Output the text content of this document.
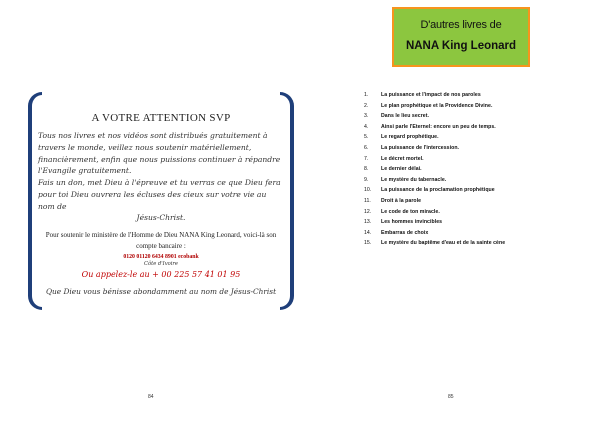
A VOTRE ATTENTION SVP
Tous nos livres et nos vidéos sont distribués gratuitement à travers le monde, veillez nous soutenir matériellement, financièrement, enfin que nous puissions continuer à répandre l'Evangile gratuitement.
Fais un don, met Dieu à l'épreuve et tu verras ce que Dieu fera pour toi Dieu ouvrera les écluses des cieux sur votre vie au nom de
Jésus-Christ.
Pour soutenir le ministère de l'Homme de Dieu NANA King Leonard, voici-là son compte bancaire :
0120 01120 6434 8901 ecobank
Côte d'Ivoire
Ou appelez-le au + 00 225 57 41 01 95
Que Dieu vous bénisse abondamment au nom de Jésus-Christ
84
D'autres livres de
NANA King Leonard
1.	La puissance et l'impact de nos paroles
2.	Le plan prophétique et la Providence Divine.
3.	Dans le lieu secret.
4.	Ainsi parle l'Eternel: encore un peu de temps.
5.	Le regard prophétique.
6.	La puissance de l'intercession.
7.	Le décret mortel.
8.	Le dernier délai.
9.	Le mystère du tabernacle.
10.	La puissance de la proclamation prophétique
11.	Droit à la parole
12.	Le code de ton miracle.
13.	Les hommes invincibles
14.	Embarras de choix
15.	Le mystère du baptême d'eau et de la sainte cène
85
